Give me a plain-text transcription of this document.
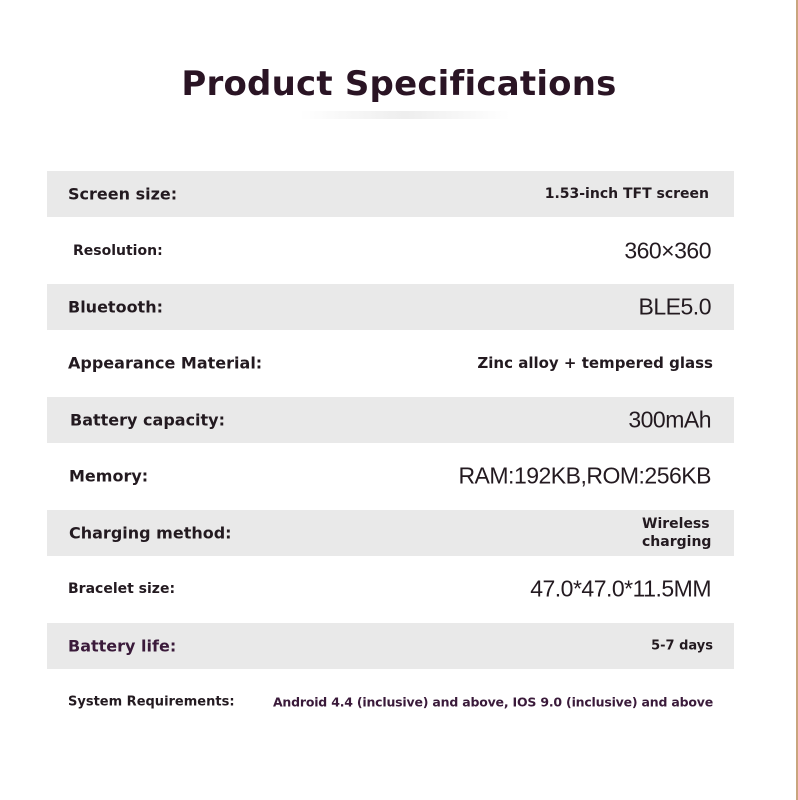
Product Specifications
Screen size:	1.53-inch TFT screen
Resolution:	360×360
Bluetooth:	BLE5.0
Appearance Material:	Zinc alloy + tempered glass
Battery capacity:	300mAh
Memory:	RAM:192KB,ROM:256KB
Charging method:	Wireless
charging
Bracelet size:	47.0*47.0*11.5MM
Battery life:	5-7 days
System Requirements:	Android 4.4 (inclusive) and above, IOS 9.0 (inclusive) and above
